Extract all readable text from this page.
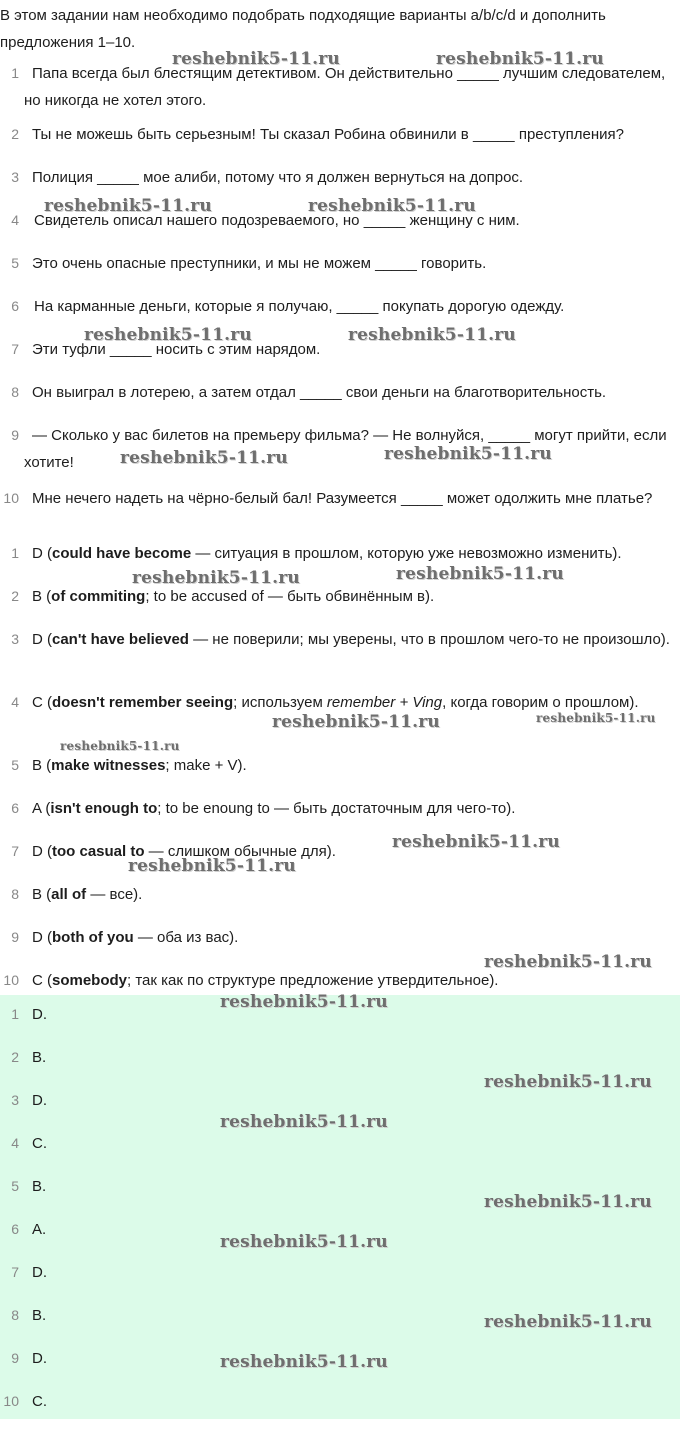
В этом задании нам необходимо подобрать подходящие варианты a/b/c/d и дополнить предложения 1–10.
1 Папа всегда был блестящим детективом. Он действительно _____ лучшим следователем, но никогда не хотел этого.
2 Ты не можешь быть серьезным! Ты сказал Робина обвинили в _____ преступления?
3 Полиция _____ мое алиби, потому что я должен вернуться на допрос.
4	Свидетель описал нашего подозреваемого, но _____ женщину с ним.
5 Это очень опасные преступники, и мы не можем _____ говорить.
6	На карманные деньги, которые я получаю, _____ покупать дорогую одежду.
7 Эти туфли _____ носить с этим нарядом.
8 Он выиграл в лотерею, а затем отдал _____ свои деньги на благотворительность.
9 — Сколько у вас билетов на премьеру фильма? — Не волнуйся, _____ могут прийти, если хотите!
10 Мне нечего надеть на чёрно-белый бал! Разумеется _____ может одолжить мне платье?
1 D (could have become — ситуация в прошлом, которую уже невозможно изменить).
2 B (of commiting; to be accused of — быть обвинённым в).
3 D (can't have believed — не поверили; мы уверены, что в прошлом чего-то не произошло).
4 C (doesn't remember seeing; используем remember + Ving, когда говорим о прошлом).
5 B (make witnesses; make + V).
6 A (isn't enough to; to be enoung to — быть достаточным для чего-то).
7 D (too casual to — слишком обычные для).
8 B (all of — все).
9 D (both of you — оба из вас).
10 C (somebody; так как по структуре предложение утвердительное).
1 D.
2 B.
3 D.
4 C.
5 B.
6 A.
7 D.
8 B.
9 D.
10 C.
reshebnik5-11.ru	reshebnik5-11.ru
reshebnik5-11.ru	reshebnik5-11.ru
reshebnik5-11.ru	reshebnik5-11.ru
reshebnik5-11.ru	reshebnik5-11.ru
reshebnik5-11.ru	reshebnik5-11.ru
reshebnik5-11.ru	reshebnik5-11.ru
reshebnik5-11.ru
reshebnik5-11.ru
reshebnik5-11.ru
reshebnik5-11.ru
reshebnik5-11.ru
reshebnik5-11.ru
reshebnik5-11.ru
reshebnik5-11.ru
reshebnik5-11.ru
reshebnik5-11.ru
reshebnik5-11.ru
